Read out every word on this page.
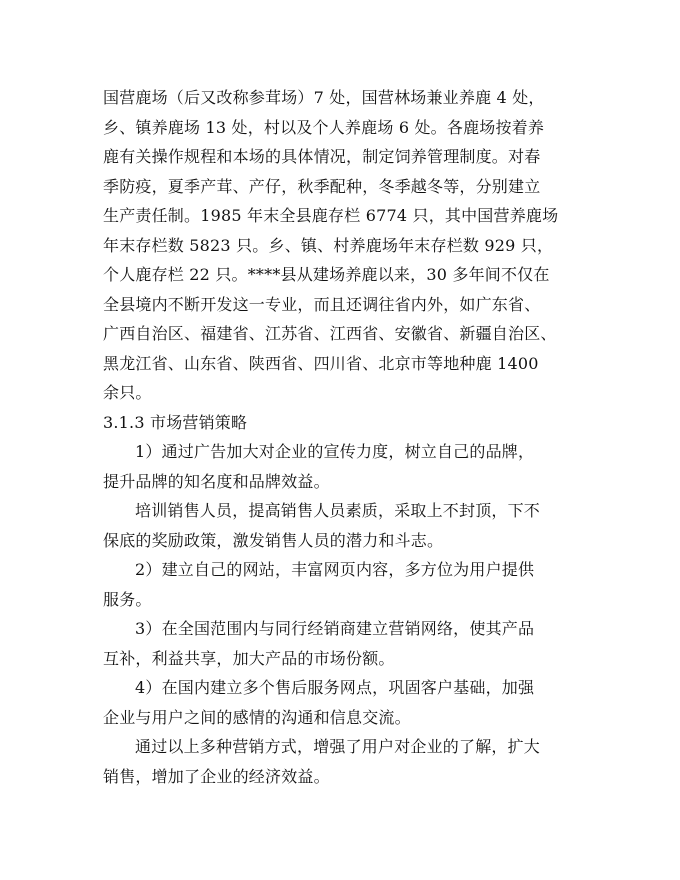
国营鹿场（后又改称参茸场）7 处，国营林场兼业养鹿 4 处，
乡、镇养鹿场 13 处，村以及个人养鹿场 6 处。各鹿场按着养
鹿有关操作规程和本场的具体情况，制定饲养管理制度。对春
季防疫，夏季产茸、产仔，秋季配种，冬季越冬等，分别建立
生产责任制。1985 年末全县鹿存栏 6774 只，其中国营养鹿场
年末存栏数 5823 只。乡、镇、村养鹿场年末存栏数 929 只，
个人鹿存栏 22 只。****县从建场养鹿以来，30 多年间不仅在
全县境内不断开发这一专业，而且还调往省内外，如广东省、
广西自治区、福建省、江苏省、江西省、安徽省、新疆自治区、
黑龙江省、山东省、陕西省、四川省、北京市等地种鹿 1400
余只。
3.1.3 市场营销策略
1）通过广告加大对企业的宣传力度，树立自己的品牌，
提升品牌的知名度和品牌效益。
培训销售人员，提高销售人员素质，采取上不封顶，下不
保底的奖励政策，激发销售人员的潜力和斗志。
2）建立自己的网站，丰富网页内容，多方位为用户提供
服务。
3）在全国范围内与同行经销商建立营销网络，使其产品
互补，利益共享，加大产品的市场份额。
4）在国内建立多个售后服务网点，巩固客户基础，加强
企业与用户之间的感情的沟通和信息交流。
通过以上多种营销方式，增强了用户对企业的了解，扩大
销售，增加了企业的经济效益。
